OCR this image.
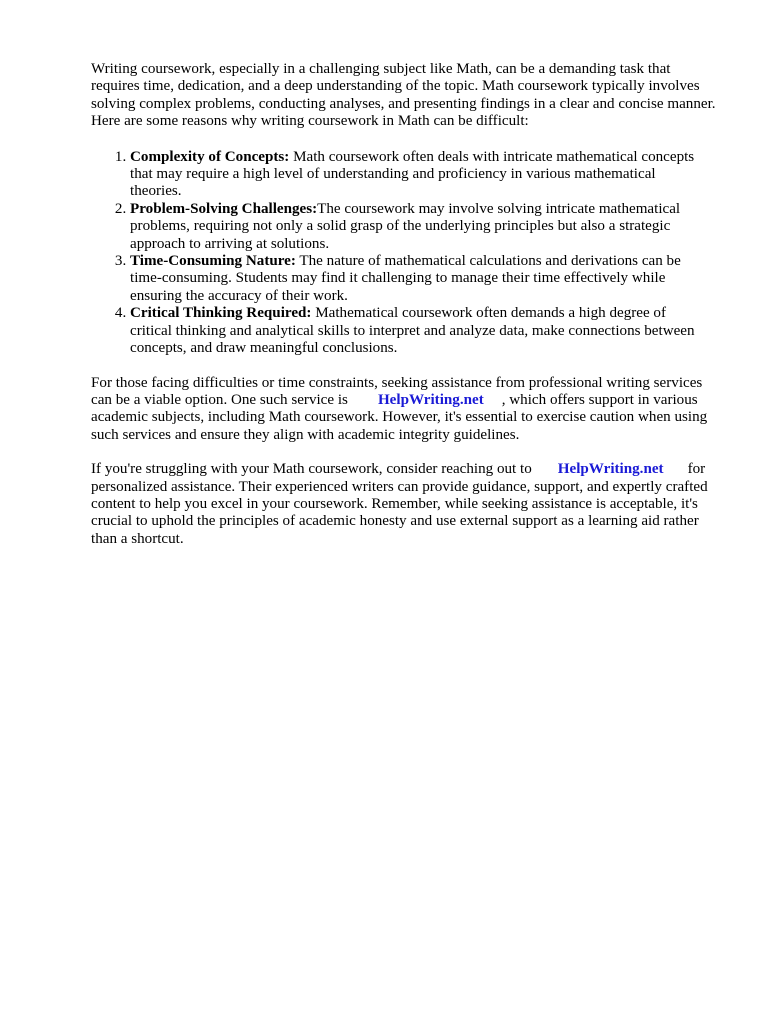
Writing coursework, especially in a challenging subject like Math, can be a demanding task that requires time, dedication, and a deep understanding of the topic. Math coursework typically involves solving complex problems, conducting analyses, and presenting findings in a clear and concise manner. Here are some reasons why writing coursework in Math can be difficult:

1. Complexity of Concepts: Math coursework often deals with intricate mathematical concepts that may require a high level of understanding and proficiency in various mathematical theories.
2. Problem-Solving Challenges:The coursework may involve solving intricate mathematical problems, requiring not only a solid grasp of the underlying principles but also a strategic approach to arriving at solutions.
3. Time-Consuming Nature: The nature of mathematical calculations and derivations can be time-consuming. Students may find it challenging to manage their time effectively while ensuring the accuracy of their work.
4. Critical Thinking Required: Mathematical coursework often demands a high degree of critical thinking and analytical skills to interpret and analyze data, make connections between concepts, and draw meaningful conclusions.

For those facing difficulties or time constraints, seeking assistance from professional writing services can be a viable option. One such service is HelpWriting.net , which offers support in various academic subjects, including Math coursework. However, it's essential to exercise caution when using such services and ensure they align with academic integrity guidelines.

If you're struggling with your Math coursework, consider reaching out to HelpWriting.net for personalized assistance. Their experienced writers can provide guidance, support, and expertly crafted content to help you excel in your coursework. Remember, while seeking assistance is acceptable, it's crucial to uphold the principles of academic honesty and use external support as a learning aid rather than a shortcut.
